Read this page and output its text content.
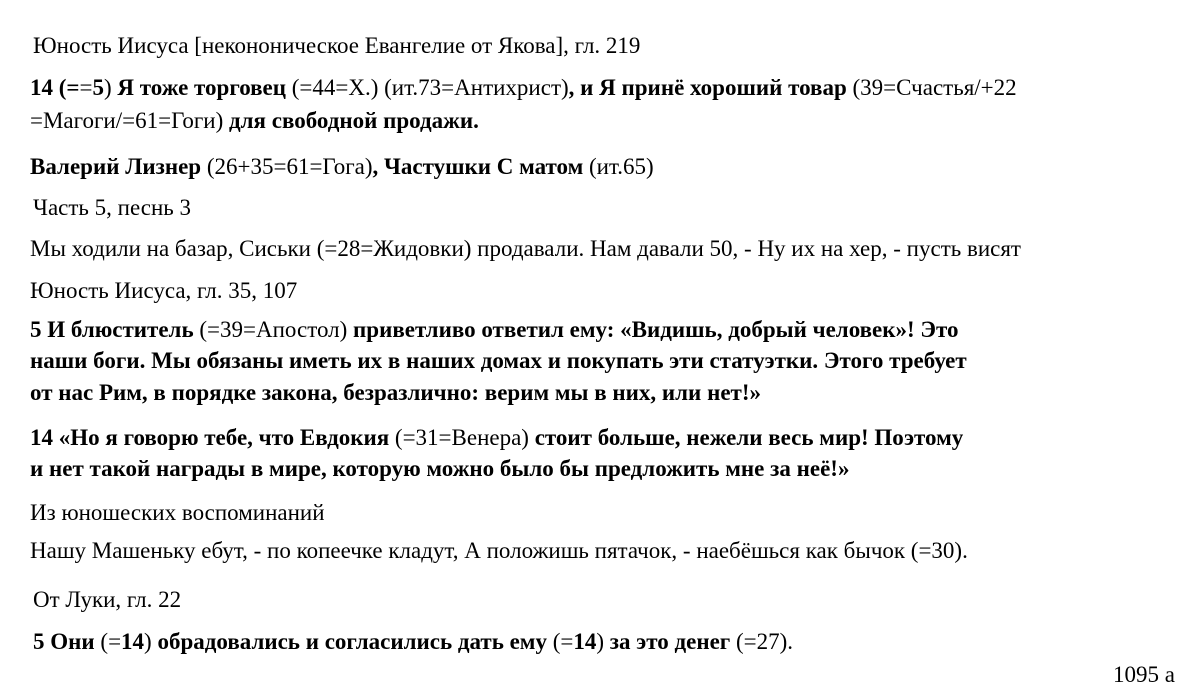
Юность Иисуса [некононическое Евангелие от Якова], гл. 219
14 (==5) Я тоже торговец (=44=Х.) (ит.73=Антихрист), и Я принё хороший товар (39=Счастья/+22
=Магоги/=61=Гоги) для свободной продажи.
Валерий Лизнер (26+35=61=Гога), Частушки С матом (ит.65)
Часть 5, песнь 3
Мы ходили на базар, Сиськи (=28=Жидовки) продавали. Нам давали 50, - Ну их на хер, - пусть висят
Юность Иисуса, гл. 35, 107
5 И блюститель (=39=Апостол) приветливо ответил ему: «Видишь, добрый человек»! Это
наши боги. Мы обязаны иметь их в наших домах и покупать эти статуэтки. Этого требует
от нас Рим, в порядке закона, безразлично: верим мы в них, или нет!»
14 «Но я говорю тебе, что Евдокия (=31=Венера) стоит больше, нежели весь мир! Поэтому
и нет такой награды в мире, которую можно было бы предложить мне за неё!»
Из юношеских воспоминаний
Нашу Машеньку ебут, - по копеечке кладут, А положишь пятачок, - наебёшься как бычок (=30).
От Луки, гл. 22
5 Они (=14) обрадовались и согласились дать ему (=14) за это денег (=27).
1095 а
